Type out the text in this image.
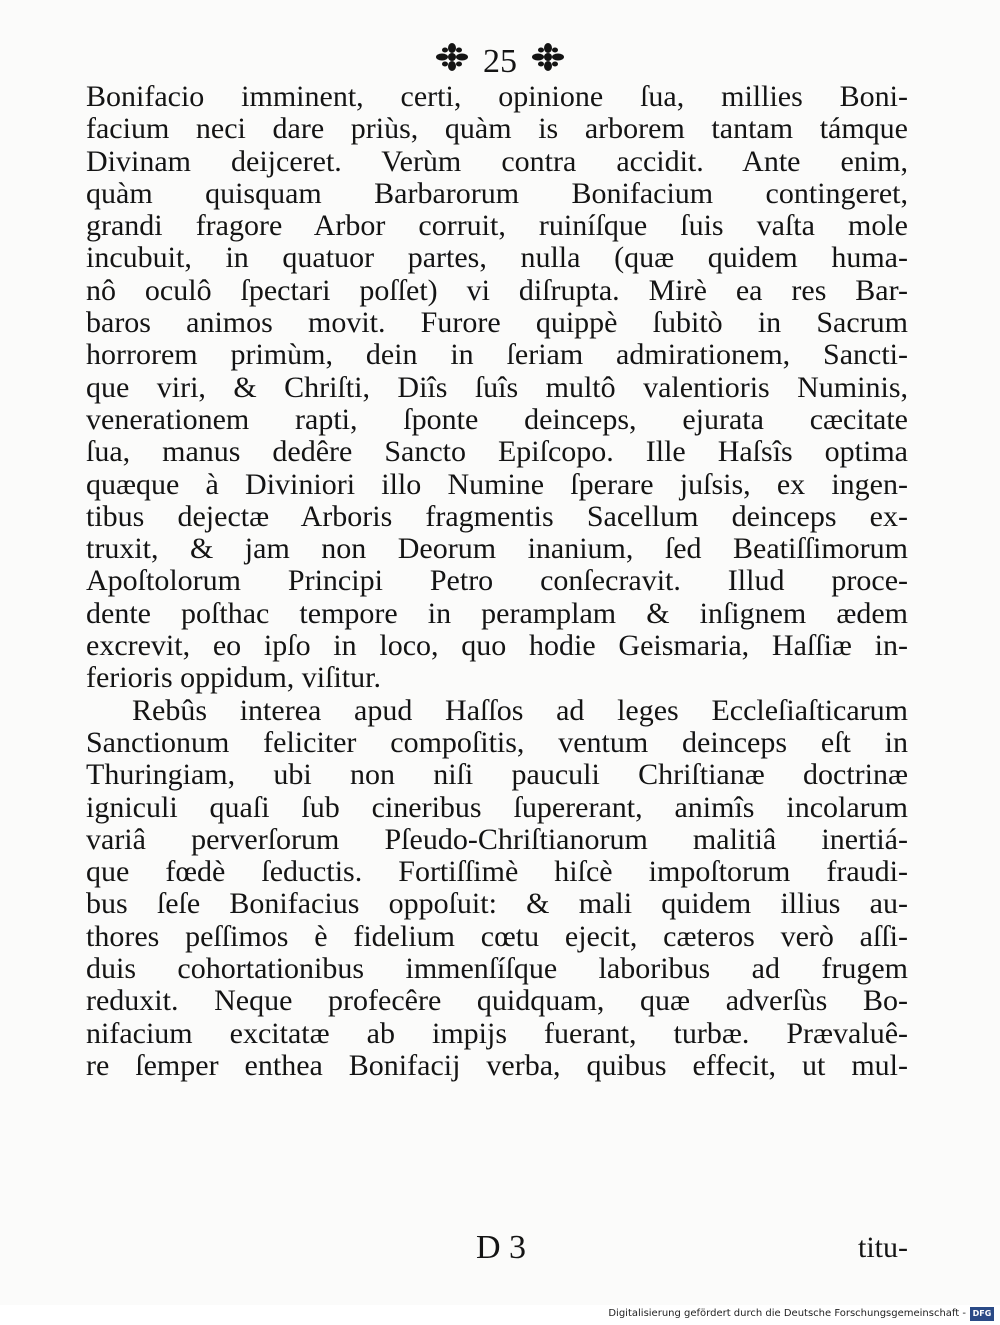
25
Bonifacio imminent, certi, opinione ſua, millies Boni-
facium neci dare priùs, quàm is arborem tantam támque
Divinam deijceret. Verùm contra accidit. Ante enim,
quàm quisquam Barbarorum Bonifacium contingeret,
grandi fragore Arbor corruit, ruiníſque ſuis vaſta mole
incubuit, in quatuor partes, nulla (quæ quidem huma-
nô oculô ſpectari poſſet) vi diſrupta. Mirè ea res Bar-
baros animos movit. Furore quippè ſubitò in Sacrum
horrorem primùm, dein in ſeriam admirationem, Sancti-
que viri, & Chriſti, Diîs ſuîs multô valentioris Numinis,
venerationem rapti, ſponte deinceps, ejurata cæcitate
ſua, manus dedêre Sancto Epiſcopo. Ille Haſsîs optima
quæque à Diviniori illo Numine ſperare juſsis, ex ingen-
tibus dejectæ Arboris fragmentis Sacellum deinceps ex-
truxit, & jam non Deorum inanium, ſed Beatiſſimorum
Apoſtolorum Principi Petro conſecravit. Illud proce-
dente poſthac tempore in peramplam & inſignem ædem
excrevit, eo ipſo in loco, quo hodie Geismaria, Haſſiæ in-
ferioris oppidum, viſitur.
Rebûs interea apud Haſſos ad leges Eccleſiaſticarum
Sanctionum feliciter compoſitis, ventum deinceps eſt in
Thuringiam, ubi non niſi pauculi Chriſtianæ doctrinæ
igniculi quaſi ſub cineribus ſupererant, animîs incolarum
variâ perverſorum Pſeudo-Chriſtianorum malitiâ inertiá-
que fœdè ſeductis. Fortiſſimè hiſcè impoſtorum fraudi-
bus ſeſe Bonifacius oppoſuit: & mali quidem illius au-
thores peſſimos è fidelium cœtu ejecit, cæteros verò aſſi-
duis cohortationibus immenſíſque laboribus ad frugem
reduxit. Neque profecêre quidquam, quæ adverſùs Bo-
nifacium excitatæ ab impijs fuerant, turbæ. Prævaluê-
re ſemper enthea Bonifacij verba, quibus effecit, ut mul-
D 3	titu-
Digitalisierung gefördert durch die Deutsche Forschungsgemeinschaft - DFG
